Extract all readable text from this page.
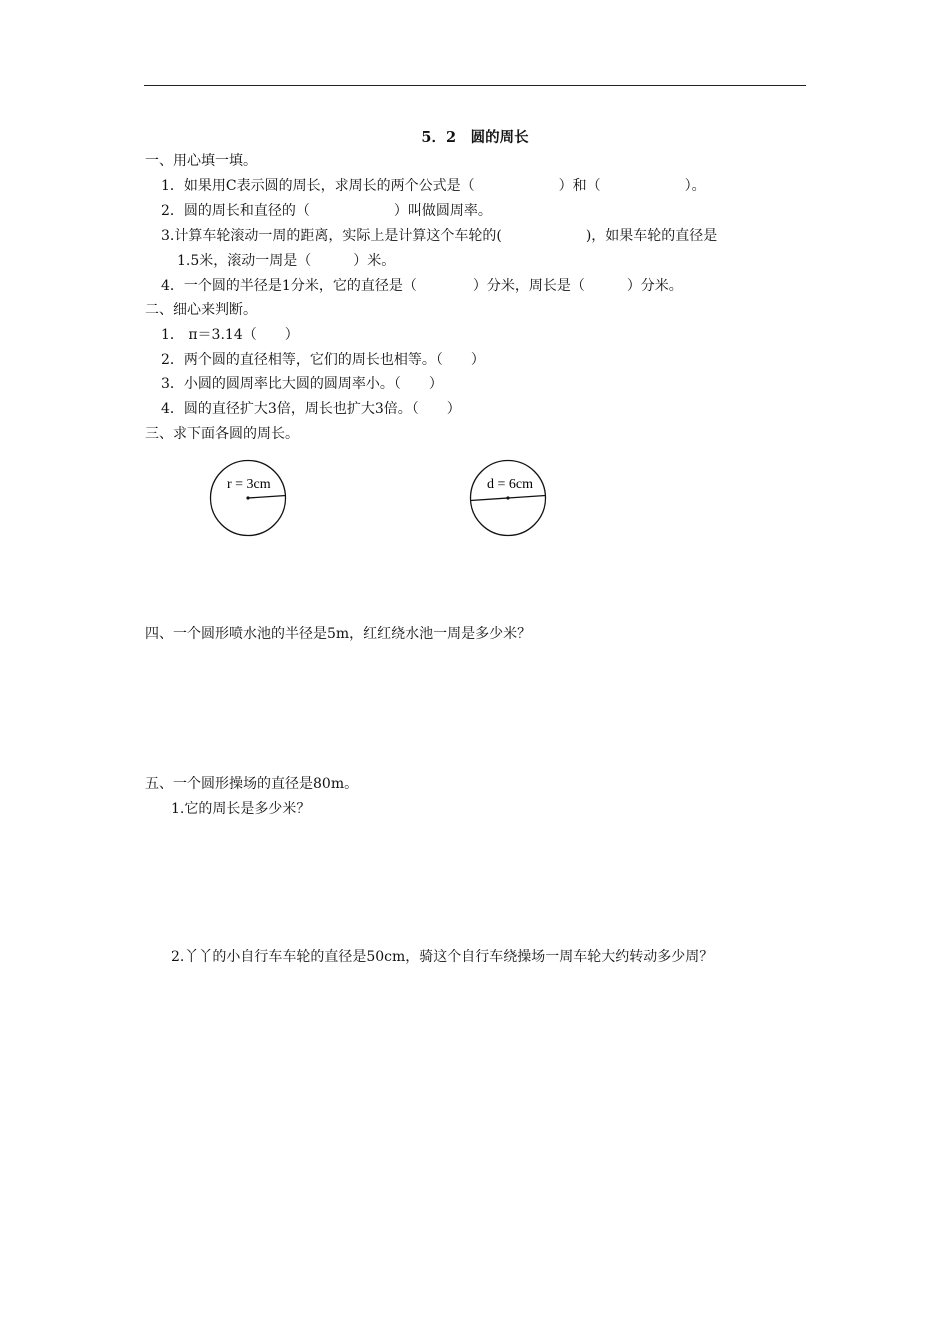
5．2　圆的周长
一、用心填一填。
1．如果用C表示圆的周长，求周长的两个公式是（　　　　　　）和（　　　　　　）。
2．圆的周长和直径的（　　　　　　）叫做圆周率。
3.计算车轮滚动一周的距离，实际上是计算这个车轮的(　　　　　　)，如果车轮的直径是
1.5米，滚动一周是（　　　）米。
4．一个圆的半径是1分米，它的直径是（　　　　）分米，周长是（　　　）分米。
二、细心来判断。
1． π＝3.14（　　）
2．两个圆的直径相等，它们的周长也相等。（　　）
3．小圆的圆周率比大圆的圆周率小。（　　）
4．圆的直径扩大3倍，周长也扩大3倍。（　　）
三、求下面各圆的周长。
r = 3cm	d = 6cm
四、一个圆形喷水池的半径是5m，红红绕水池一周是多少米？
五、一个圆形操场的直径是80m。
1.它的周长是多少米？
2.丫丫的小自行车车轮的直径是50cm，骑这个自行车绕操场一周车轮大约转动多少周？
